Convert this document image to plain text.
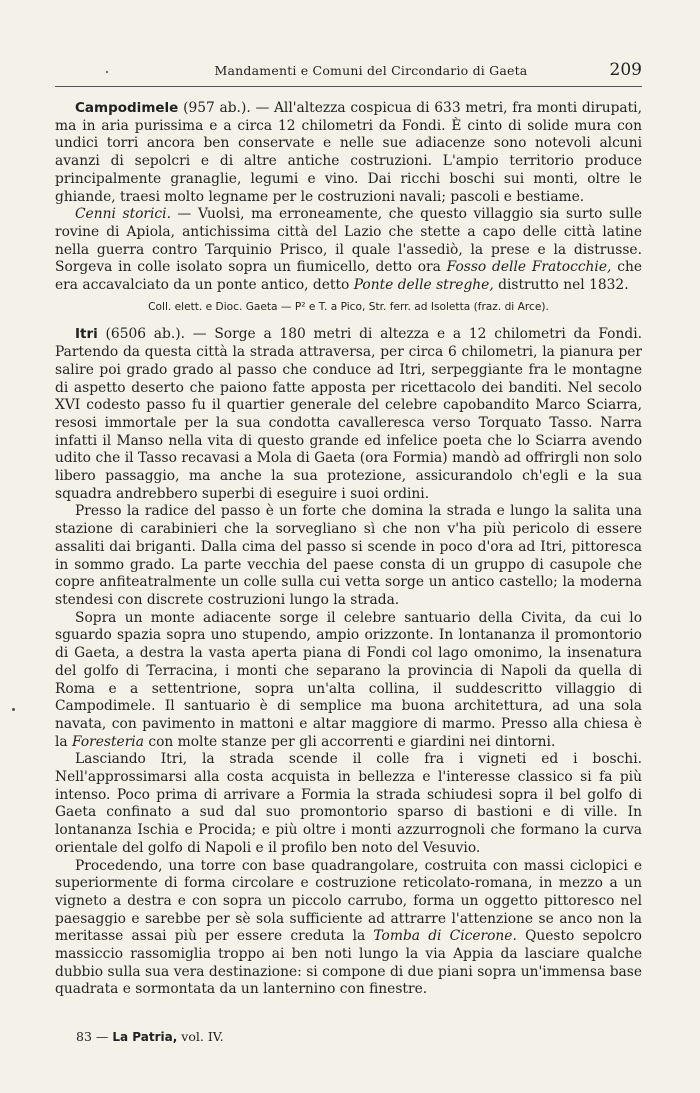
Mandamenti e Comuni del Circondario di Gaeta	209

Campodimele (957 ab.). — All'altezza cospicua di 633 metri, fra monti dirupati, ma in aria purissima e a circa 12 chilometri da Fondi. È cinto di solide mura con undici torri ancora ben conservate e nelle sue adiacenze sono notevoli alcuni avanzi di sepolcri e di altre antiche costruzioni. L'ampio territorio produce principalmente granaglie, legumi e vino. Dai ricchi boschi sui monti, oltre le ghiande, traesi molto legname per le costruzioni navali; pascoli e bestiame.

Cenni storici. — Vuolsi, ma erroneamente, che questo villaggio sia surto sulle rovine di Apiola, antichissima città del Lazio che stette a capo delle città latine nella guerra contro Tarquinio Prisco, il quale l'assediò, la prese e la distrusse. Sorgeva in colle isolato sopra un fiumicello, detto ora Fosso delle Fratocchie, che era accavalciato da un ponte antico, detto Ponte delle streghe, distrutto nel 1832.

Coll. elett. e Dioc. Gaeta — P² e T. a Pico, Str. ferr. ad Isoletta (fraz. di Arce).

Itri (6506 ab.). — Sorge a 180 metri di altezza e a 12 chilometri da Fondi. Partendo da questa città la strada attraversa, per circa 6 chilometri, la pianura per salire poi grado grado al passo che conduce ad Itri, serpeggiante fra le montagne di aspetto deserto che paiono fatte apposta per ricettacolo dei banditi. Nel secolo XVI codesto passo fu il quartier generale del celebre capobandito Marco Sciarra, resosi immortale per la sua condotta cavalleresca verso Torquato Tasso. Narra infatti il Manso nella vita di questo grande ed infelice poeta che lo Sciarra avendo udito che il Tasso recavasi a Mola di Gaeta (ora Formia) mandò ad offrirgli non solo libero passaggio, ma anche la sua protezione, assicurandolo ch'egli e la sua squadra andrebbero superbi di eseguire i suoi ordini.

Presso la radice del passo è un forte che domina la strada e lungo la salita una stazione di carabinieri che la sorvegliano sì che non v'ha più pericolo di essere assaliti dai briganti. Dalla cima del passo si scende in poco d'ora ad Itri, pittoresca in sommo grado. La parte vecchia del paese consta di un gruppo di casupole che copre anfiteatralmente un colle sulla cui vetta sorge un antico castello; la moderna stendesi con discrete costruzioni lungo la strada.

Sopra un monte adiacente sorge il celebre santuario della Civita, da cui lo sguardo spazia sopra uno stupendo, ampio orizzonte. In lontananza il promontorio di Gaeta, a destra la vasta aperta piana di Fondi col lago omonimo, la insenatura del golfo di Terracina, i monti che separano la provincia di Napoli da quella di Roma e a settentrione, sopra un'alta collina, il suddescritto villaggio di Campodimele. Il santuario è di semplice ma buona architettura, ad una sola navata, con pavimento in mattoni e altar maggiore di marmo. Presso alla chiesa è la Foresteria con molte stanze per gli accorrenti e giardini nei dintorni.

Lasciando Itri, la strada scende il colle fra i vigneti ed i boschi. Nell'approssimarsi alla costa acquista in bellezza e l'interesse classico si fa più intenso. Poco prima di arrivare a Formia la strada schiudesi sopra il bel golfo di Gaeta confinato a sud dal suo promontorio sparso di bastioni e di ville. In lontananza Ischia e Procida; e più oltre i monti azzurrognoli che formano la curva orientale del golfo di Napoli e il profilo ben noto del Vesuvio.

Procedendo, una torre con base quadrangolare, costruita con massi ciclopici e superiormente di forma circolare e costruzione reticolato-romana, in mezzo a un vigneto a destra e con sopra un piccolo carrubo, forma un oggetto pittoresco nel paesaggio e sarebbe per sè sola sufficiente ad attrarre l'attenzione se anco non la meritasse assai più per essere creduta la Tomba di Cicerone. Questo sepolcro massiccio rassomiglia troppo ai ben noti lungo la via Appia da lasciare qualche dubbio sulla sua vera destinazione: si compone di due piani sopra un'immensa base quadrata e sormontata da un lanternino con finestre.

83 — La Patria, vol. IV.
